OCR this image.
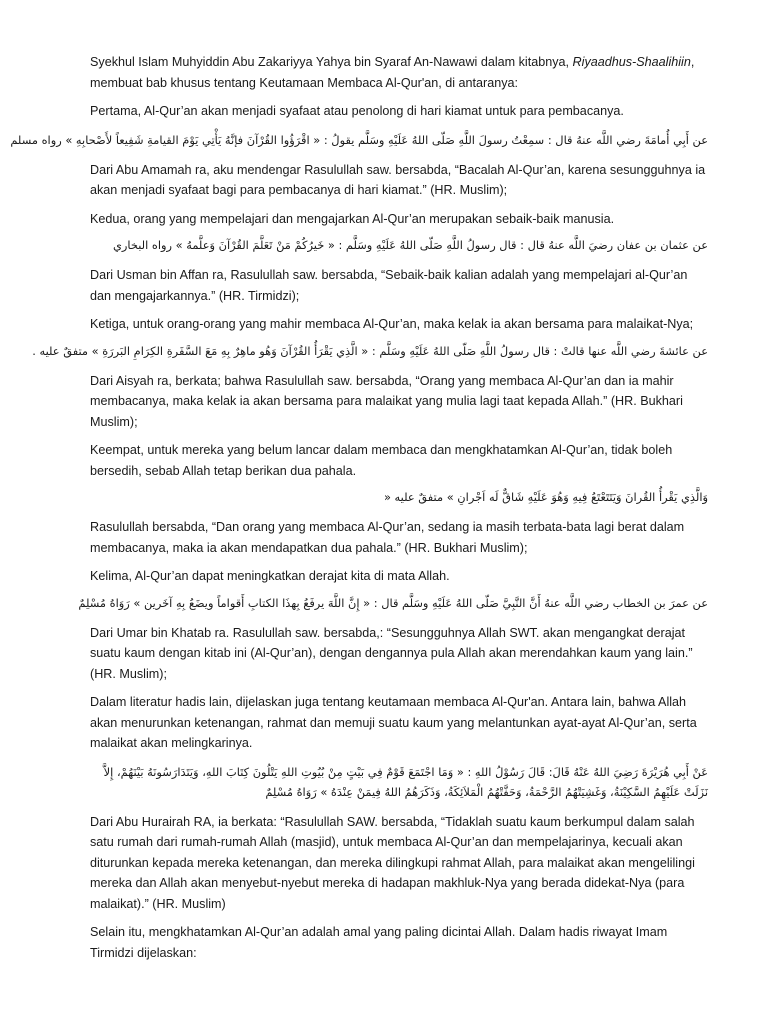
Syekhul Islam Muhyiddin Abu Zakariyya Yahya bin Syaraf An-Nawawi dalam kitabnya, Riyaadhus-Shaalihiin, membuat bab khusus tentang Keutamaan Membaca Al-Qur'an, di antaranya:

Pertama, Al-Qur’an akan menjadi syafaat atau penolong di hari kiamat untuk para pembacanya.

عن أَبِي أُمامَةَ رضي اللَّه عنهُ قال : سمِعْتُ رسولَ اللَّهِ صَلّى اللهُ عَلَيْهِ وسَلَّم يقولُ : « اقْرَؤُوا القُرْآنَ فإنَّهُ يَأْتِي يَوْمَ القيامةِ شَفِيعاً لأَصْحابِهِ » رواه مسلم

Dari Abu Amamah ra, aku mendengar Rasulullah saw. bersabda, “Bacalah Al-Qur’an, karena sesungguhnya ia akan menjadi syafaat bagi para pembacanya di hari kiamat.” (HR. Muslim);

Kedua, orang yang mempelajari dan mengajarkan Al-Qur’an merupakan sebaik-baik manusia.

عن عثمان بن عفان رضيَ اللَّه عنهُ قال : قال رسولُ اللَّهِ صَلّى اللهُ عَلَيْهِ وسَلَّم : « خَيرُكُمْ مَنْ تَعَلَّمَ القُرْآنَ وَعلَّمهُ » رواه البخاري

Dari Usman bin Affan ra, Rasulullah saw. bersabda, “Sebaik-baik kalian adalah yang mempelajari al-Qur’an dan mengajarkannya.” (HR. Tirmidzi);

Ketiga, untuk orang-orang yang mahir membaca Al-Qur’an, maka kelak ia akan bersama para malaikat-Nya;

عن عائشةَ رضي اللَّه عنها قالتْ : قال رسولُ اللَّهِ صَلّى اللهُ عَلَيْهِ وسَلَّم : « الَّذِي يَقْرَأُ القُرْآنَ وَهُو ماهِرٌ بِهِ مَعَ السَّفَرةِ الكِرَامِ البَررَةِ » متفقٌ عليه .

Dari Aisyah ra, berkata; bahwa Rasulullah saw. bersabda, “Orang yang membaca Al-Qur’an dan ia mahir membacanya, maka kelak ia akan bersama para malaikat yang mulia lagi taat kepada Allah.” (HR. Bukhari Muslim);

Keempat, untuk mereka yang belum lancar dalam membaca dan mengkhatamkan Al-Qur’an, tidak boleh bersedih, sebab Allah tetap berikan dua pahala.

وَالَّذِي يَقْرأُ القُرانَ وَيَتَتَعْتَعُ فِيهِ وَهُوَ عَلَيْهِ شَاقٌّ لَه اَجْرانِ » متفقٌ عليه «

Rasulullah bersabda, “Dan orang yang membaca Al-Qur’an, sedang ia masih terbata-bata lagi berat dalam membacanya, maka ia akan mendapatkan dua pahala.” (HR. Bukhari Muslim);

Kelima, Al-Qur’an dapat meningkatkan derajat kita di mata Allah.

عن عمرَ بن الخطاب رضي اللَّه عنهُ أَنَّ النَّبِيَّ صَلّى اللهُ عَلَيْهِ وسَلَّم قال : « إِنَّ اللَّهَ يرفَعُ بِهذَا الكتابِ أَقواماً ويضَعُ بِهِ آخَرين » رَوَاهُ مُسْلِمٌ

Dari Umar bin Khatab ra. Rasulullah saw. bersabda,: “Sesungguhnya Allah SWT. akan mengangkat derajat suatu kaum dengan kitab ini (Al-Qur’an), dengan dengannya pula Allah akan merendahkan kaum yang lain.” (HR. Muslim);

Dalam literatur hadis lain, dijelaskan juga tentang keutamaan membaca Al-Qur'an. Antara lain, bahwa Allah akan menurunkan ketenangan, rahmat dan memuji suatu kaum yang melantunkan ayat-ayat Al-Qur’an, serta malaikat akan melingkarinya.

عَنْ أَبِي هُرَيْرَةَ رَضِيَ اللهُ عَنْهُ قَالَ: قَالَ رَسُوْلُ اللهِ : « وَمَا اجْتَمَعَ قَوْمٌ فِي بَيْتٍ مِنْ بُيُوتِ اللهِ يَتْلُونَ كِتَابَ اللهِ، وَيَتَدَارَسُونَهُ بَيْنَهُمْ، إِلاَّ نَزَلَتْ عَلَيْهِمُ السَّكِيْنَةُ، وَغَشِيَتْهُمُ الرَّحْمَةُ، وَحَفَّتْهُمُ الْمَلاَئِكَةُ، وَذَكَرَهُمُ اللهُ فِيمَنْ عِنْدَهُ » رَوَاهُ مُسْلِمٌ

Dari Abu Hurairah RA, ia berkata: “Rasulullah SAW. bersabda, “Tidaklah suatu kaum berkumpul dalam salah satu rumah dari rumah-rumah Allah (masjid), untuk membaca Al-Qur’an dan mempelajarinya, kecuali akan diturunkan kepada mereka ketenangan, dan mereka dilingkupi rahmat Allah, para malaikat akan mengelilingi mereka dan Allah akan menyebut-nyebut mereka di hadapan makhluk-Nya yang berada didekat-Nya (para malaikat).” (HR. Muslim)

Selain itu, mengkhatamkan Al-Qur’an adalah amal yang paling dicintai Allah. Dalam hadis riwayat Imam Tirmidzi dijelaskan:
